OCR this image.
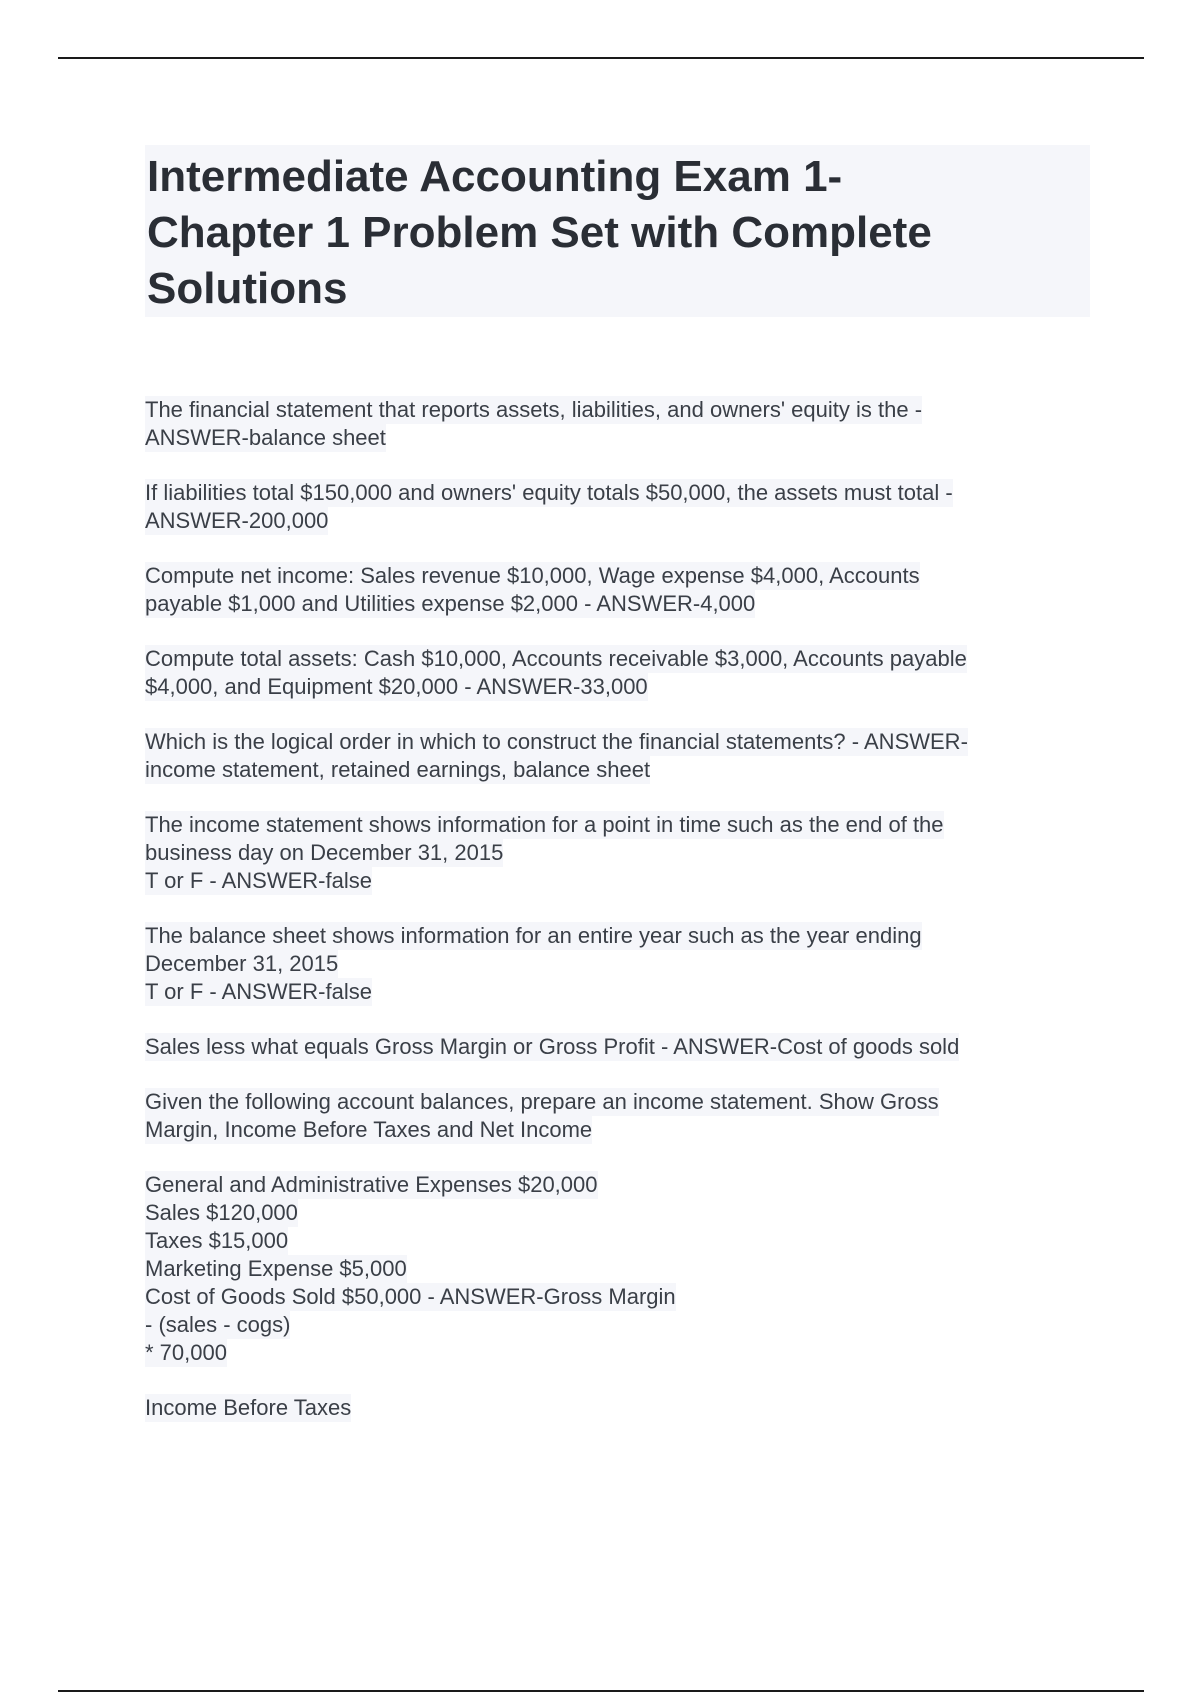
Intermediate Accounting Exam 1-
Chapter 1 Problem Set with Complete
Solutions
The financial statement that reports assets, liabilities, and owners' equity is the -
ANSWER-balance sheet
If liabilities total $150,000 and owners' equity totals $50,000, the assets must total -
ANSWER-200,000
Compute net income: Sales revenue $10,000, Wage expense $4,000, Accounts
payable $1,000 and Utilities expense $2,000 - ANSWER-4,000
Compute total assets: Cash $10,000, Accounts receivable $3,000, Accounts payable
$4,000, and Equipment $20,000 - ANSWER-33,000
Which is the logical order in which to construct the financial statements? - ANSWER-
income statement, retained earnings, balance sheet
The income statement shows information for a point in time such as the end of the
business day on December 31, 2015
T or F - ANSWER-false
The balance sheet shows information for an entire year such as the year ending
December 31, 2015
T or F - ANSWER-false
Sales less what equals Gross Margin or Gross Profit - ANSWER-Cost of goods sold
Given the following account balances, prepare an income statement. Show Gross
Margin, Income Before Taxes and Net Income
General and Administrative Expenses $20,000
Sales $120,000
Taxes $15,000
Marketing Expense $5,000
Cost of Goods Sold $50,000 - ANSWER-Gross Margin
- (sales - cogs)
* 70,000
Income Before Taxes
